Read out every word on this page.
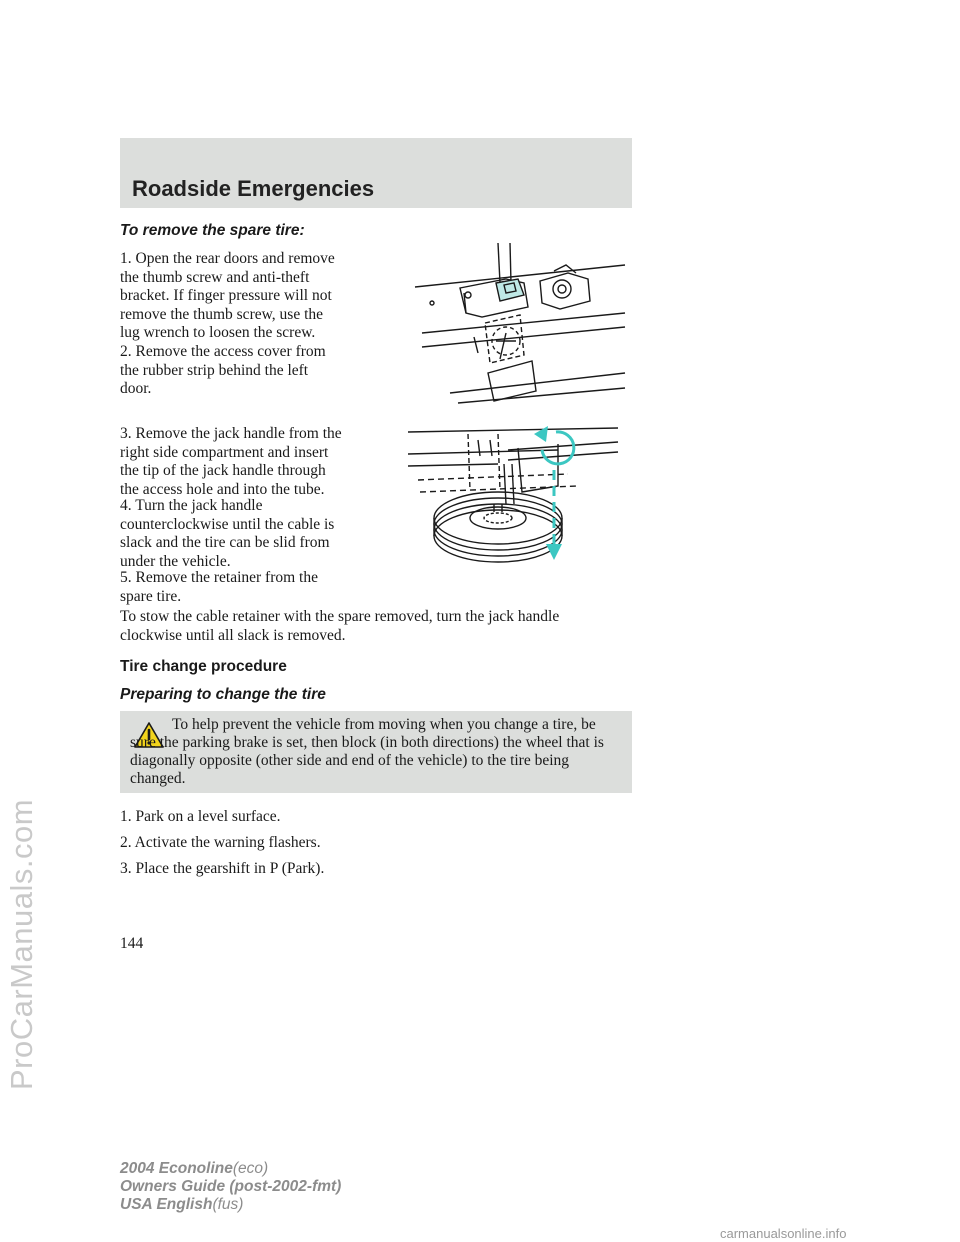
Roadside Emergencies
ProCarManuals.com
To remove the spare tire:
1. Open the rear doors and remove
the thumb screw and anti-theft
bracket. If finger pressure will not
remove the thumb screw, use the
lug wrench to loosen the screw.
2. Remove the access cover from
the rubber strip behind the left
door.
3. Remove the jack handle from the
right side compartment and insert
the tip of the jack handle through
the access hole and into the tube.
4. Turn the jack handle
counterclockwise until the cable is
slack and the tire can be slid from
under the vehicle.
5. Remove the retainer from the
spare tire.
To stow the cable retainer with the spare removed, turn the jack handle
clockwise until all slack is removed.
Tire change procedure
Preparing to change the tire
To help prevent the vehicle from moving when you change a tire, be sure the parking brake is set, then block (in both directions) the wheel that is diagonally opposite (other side and end of the vehicle) to the tire being changed.
1. Park on a level surface.
2. Activate the warning flashers.
3. Place the gearshift in P (Park).
144
2004 Econoline(eco)
Owners Guide (post-2002-fmt)
USA English(fus)
carmanualsonline.info
